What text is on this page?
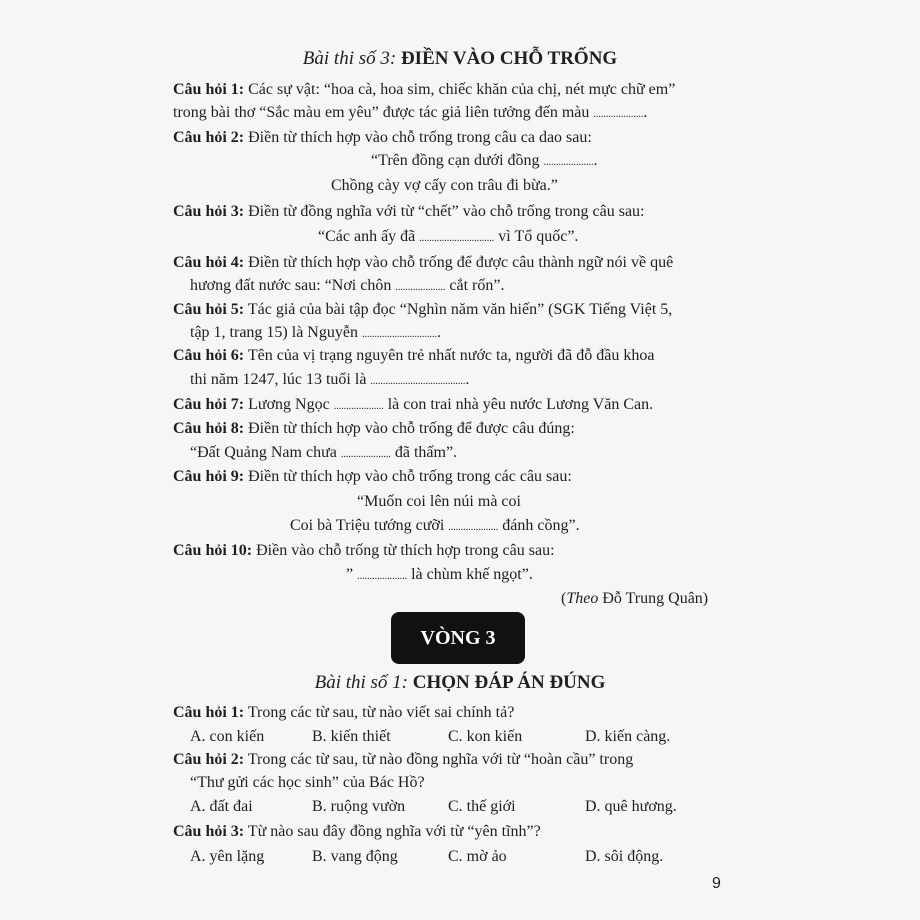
Bài thi số 3: ĐIỀN VÀO CHỖ TRỐNG
Câu hỏi 1: Các sự vật: “hoa cà, hoa sim, chiếc khăn của chị, nét mực chữ em”
trong bài thơ “Sắc màu em yêu” được tác giả liên tưởng đến màu .....................
Câu hỏi 2: Điền từ thích hợp vào chỗ trống trong câu ca dao sau:
“Trên đồng cạn dưới đồng .....................
Chồng cày vợ cấy con trâu đi bừa.”
Câu hỏi 3: Điền từ đồng nghĩa với từ “chết” vào chỗ trống trong câu sau:
“Các anh ấy đã .............................. vì Tổ quốc”.
Câu hỏi 4: Điền từ thích hợp vào chỗ trống để được câu thành ngữ nói về quê
hương đất nước sau: “Nơi chôn .................... cắt rốn”.
Câu hỏi 5: Tác giả của bài tập đọc “Nghìn năm văn hiến” (SGK Tiếng Việt 5,
tập 1, trang 15) là Nguyễn ...............................
Câu hỏi 6: Tên của vị trạng nguyên trẻ nhất nước ta, người đã đỗ đầu khoa
thi năm 1247, lúc 13 tuổi là .......................................
Câu hỏi 7: Lương Ngọc .................... là con trai nhà yêu nước Lương Văn Can.
Câu hỏi 8: Điền từ thích hợp vào chỗ trống để được câu đúng:
“Đất Quảng Nam chưa .................... đã thấm”.
Câu hỏi 9: Điền từ thích hợp vào chỗ trống trong các câu sau:
“Muốn coi lên núi mà coi
Coi bà Triệu tướng cưỡi .................... đánh cồng”.
Câu hỏi 10: Điền vào chỗ trống từ thích hợp trong câu sau:
” .................... là chùm khế ngọt”.
(Theo Đỗ Trung Quân)
VÒNG 3
Bài thi số 1: CHỌN ĐÁP ÁN ĐÚNG
Câu hỏi 1: Trong các từ sau, từ nào viết sai chính tả?
A. con kiến	B. kiến thiết	C. kon kiến	D. kiến càng.
Câu hỏi 2: Trong các từ sau, từ nào đồng nghĩa với từ “hoàn cầu” trong
“Thư gửi các học sinh” của Bác Hồ?
A. đất đai	B. ruộng vườn	C. thế giới	D. quê hương.
Câu hỏi 3: Từ nào sau đây đồng nghĩa với từ “yên tĩnh”?
A. yên lặng	B. vang động	C. mờ ảo	D. sôi động.
9
